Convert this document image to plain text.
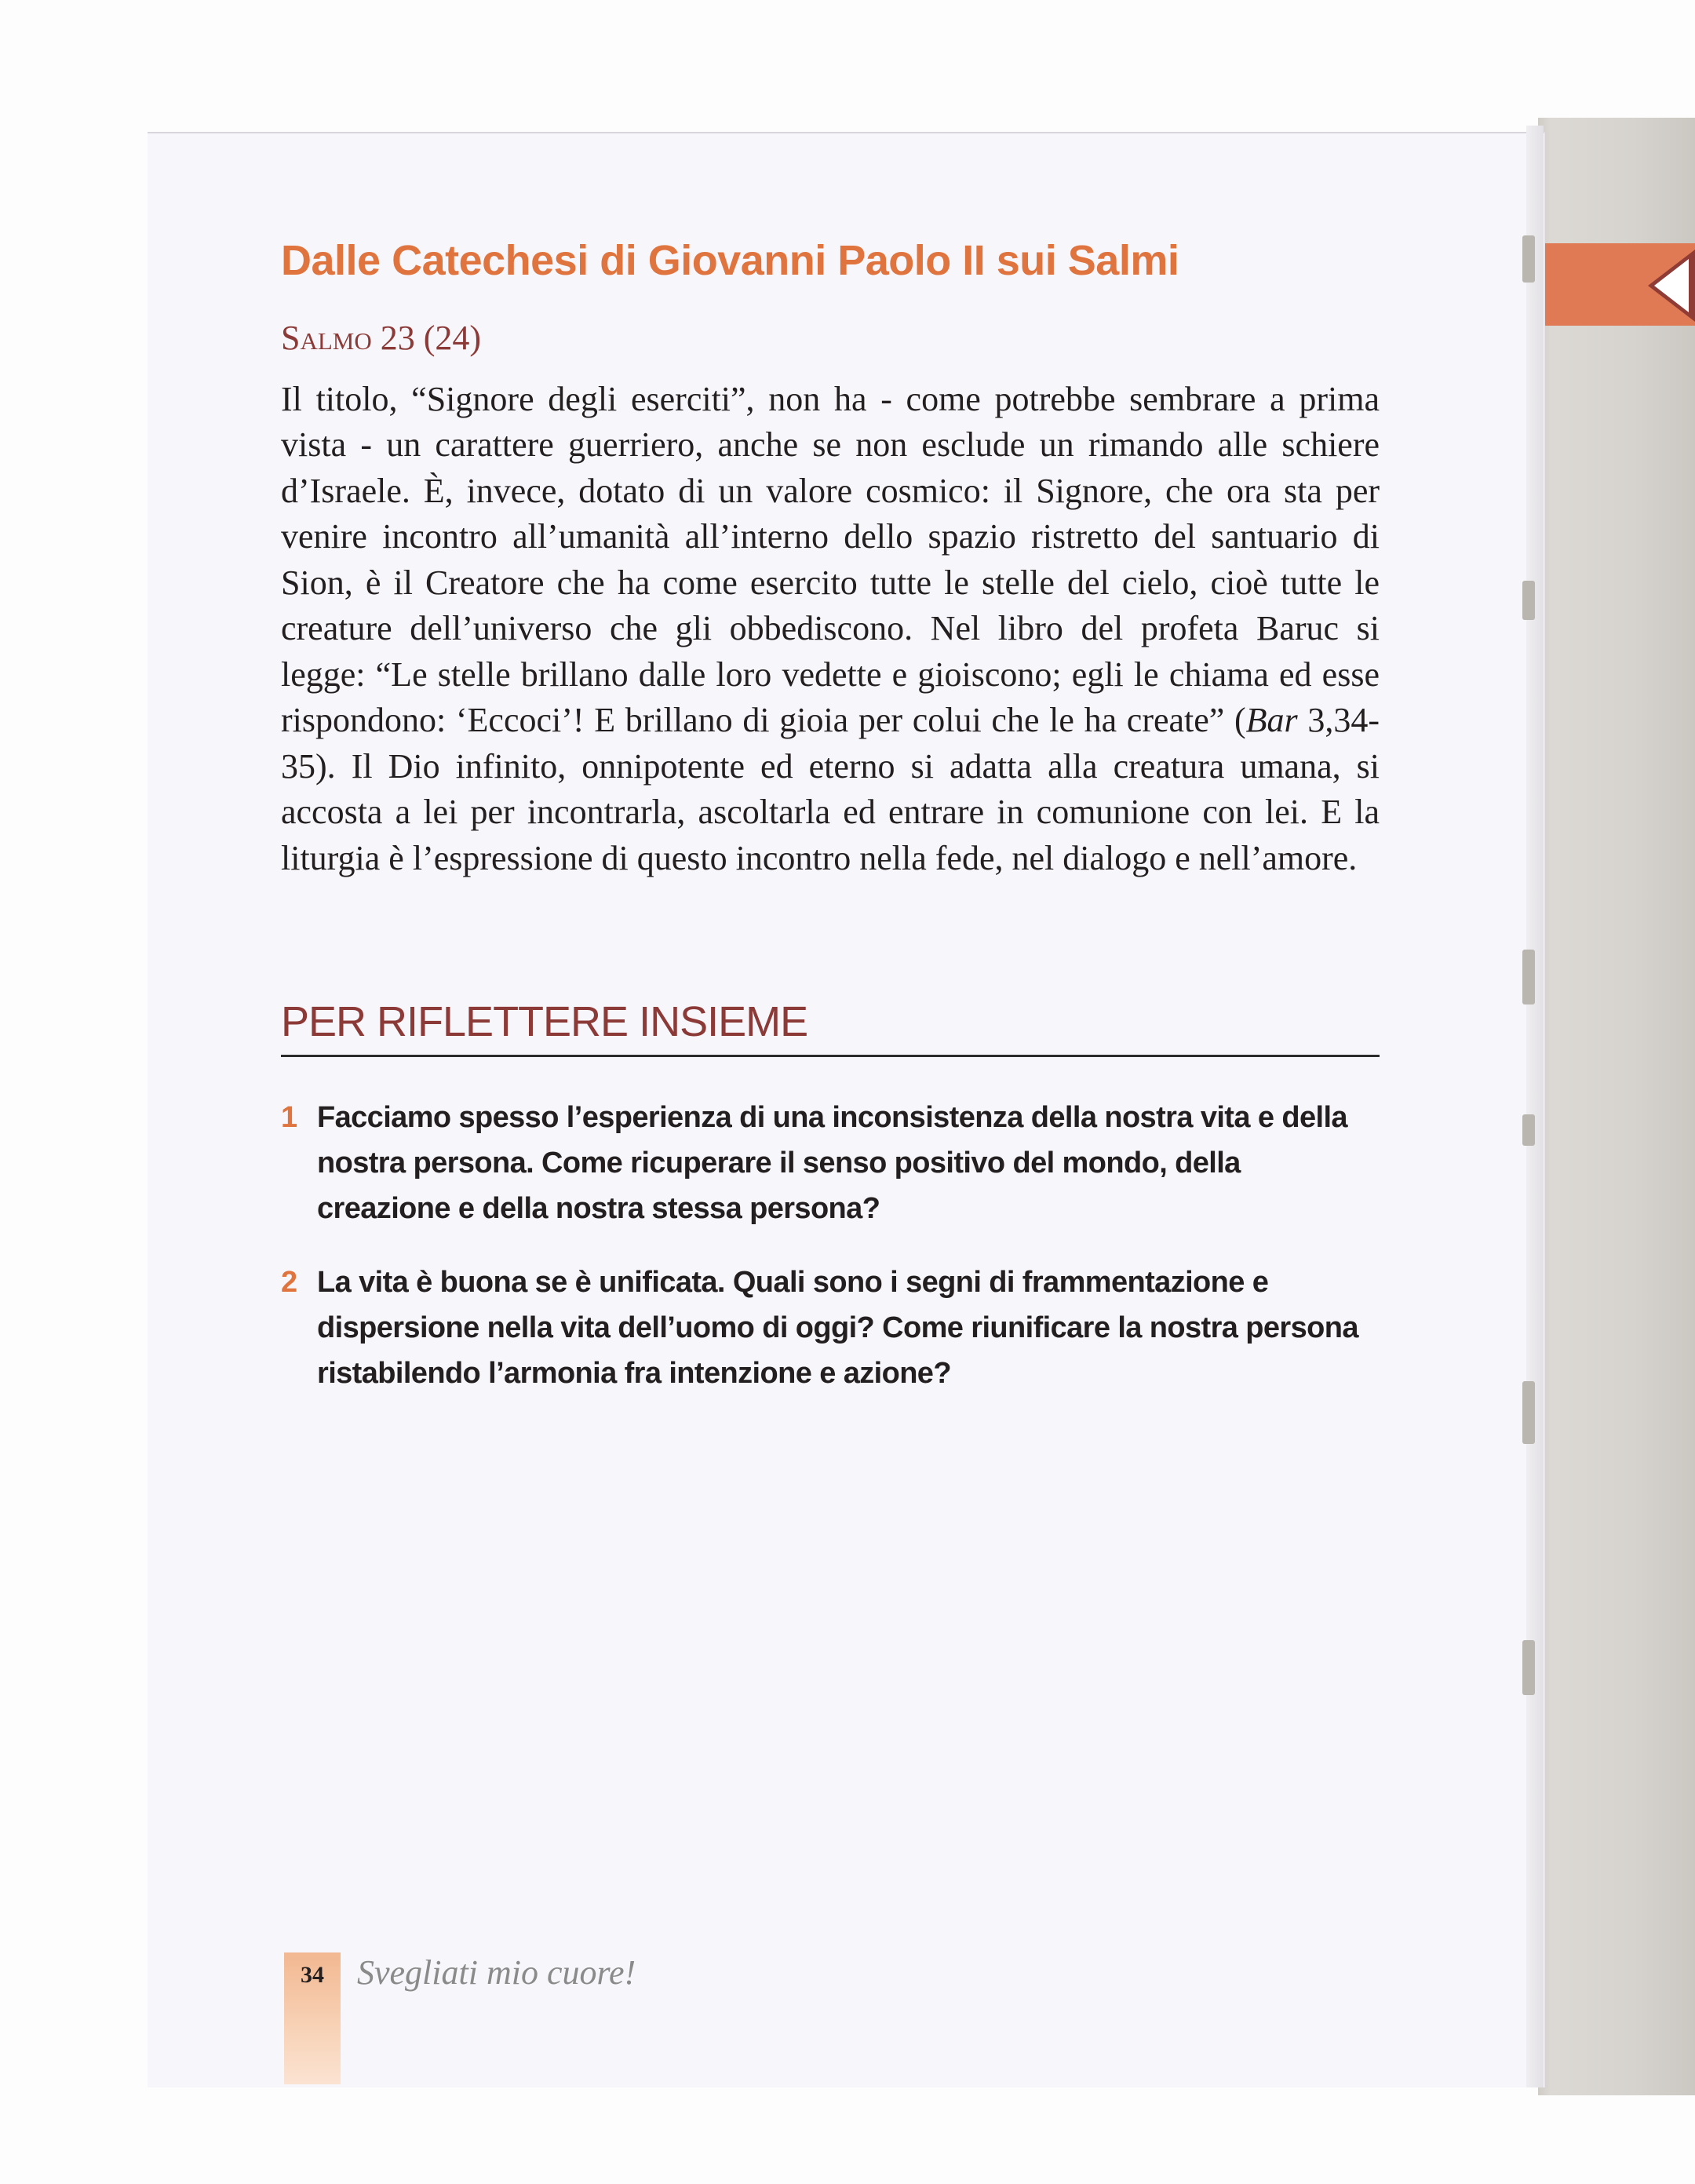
Dalle Catechesi di Giovanni Paolo II sui Salmi
Salmo 23 (24)

Il titolo, “Signore degli eserciti”, non ha - come potrebbe sembrare a prima vista - un carattere guerriero, anche se non esclude un rimando alle schiere d’Israele. È, invece, dotato di un valore cosmico: il Signore, che ora sta per venire incontro all’umanità all’interno dello spazio ristretto del santuario di Sion, è il Creatore che ha come esercito tutte le stelle del cielo, cioè tutte le creature dell’universo che gli obbediscono. Nel libro del profeta Baruc si legge: “Le stelle brillano dalle loro vedette e gioiscono; egli le chiama ed esse rispondono: ‘Eccoci’! E brillano di gioia per colui che le ha create” (Bar 3,34-35). Il Dio infinito, onnipotente ed eterno si adatta alla creatura umana, si accosta a lei per incontrarla, ascoltarla ed entrare in comunione con lei. E la liturgia è l’espressione di questo incontro nella fede, nel dialogo e nell’amore.

PER RIFLETTERE INSIEME
1 Facciamo spesso l’esperienza di una inconsistenza della nostra vita e della nostra persona. Come ricuperare il senso positivo del mondo, della creazione e della nostra stessa persona?
2 La vita è buona se è unificata. Quali sono i segni di frammentazione e dispersione nella vita dell’uomo di oggi? Come riunificare la nostra persona ristabilendo l’armonia fra intenzione e azione?
34 Svegliati mio cuore!
